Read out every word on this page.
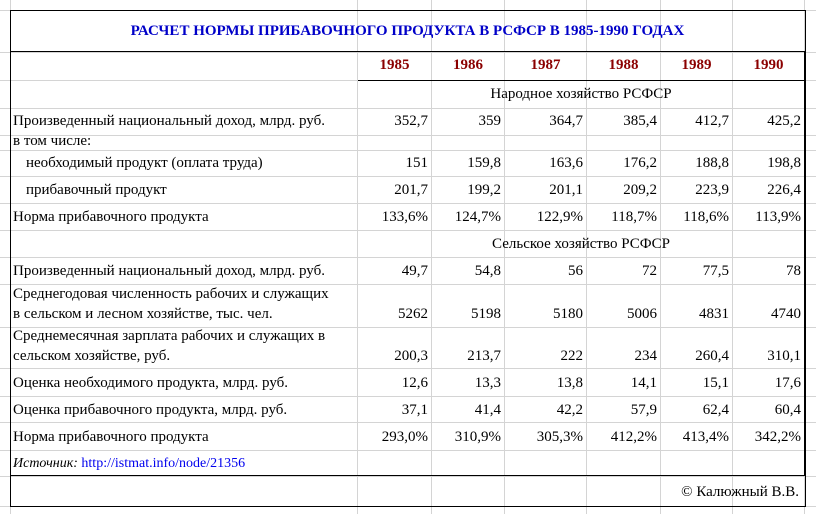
РАСЧЕТ НОРМЫ ПРИБАВОЧНОГО ПРОДУКТА В РСФСР В 1985-1990 ГОДАХ
1985	1986	1987	1988	1989	1990
Народное хозяйство РСФСР
Произведенный национальный доход, млрд. руб.	352,7	359	364,7	385,4	412,7	425,2
в том числе:
необходимый продукт (оплата труда)	151	159,8	163,6	176,2	188,8	198,8
прибавочный продукт	201,7	199,2	201,1	209,2	223,9	226,4
Норма прибавочного продукта	133,6%	124,7%	122,9%	118,7%	118,6%	113,9%
Сельское хозяйство РСФСР
Произведенный национальный доход, млрд. руб.	49,7	54,8	56	72	77,5	78
Среднегодовая численность рабочих и служащих
в сельском и лесном хозяйстве, тыс. чел.	5262	5198	5180	5006	4831	4740
Среднемесячная зарплата рабочих и служащих в
сельском хозяйстве, руб.	200,3	213,7	222	234	260,4	310,1
Оценка необходимого продукта, млрд. руб.	12,6	13,3	13,8	14,1	15,1	17,6
Оценка прибавочного продукта, млрд. руб.	37,1	41,4	42,2	57,9	62,4	60,4
Норма прибавочного продукта	293,0%	310,9%	305,3%	412,2%	413,4%	342,2%
Источник: http://istmat.info/node/21356
© Калюжный В.В.
